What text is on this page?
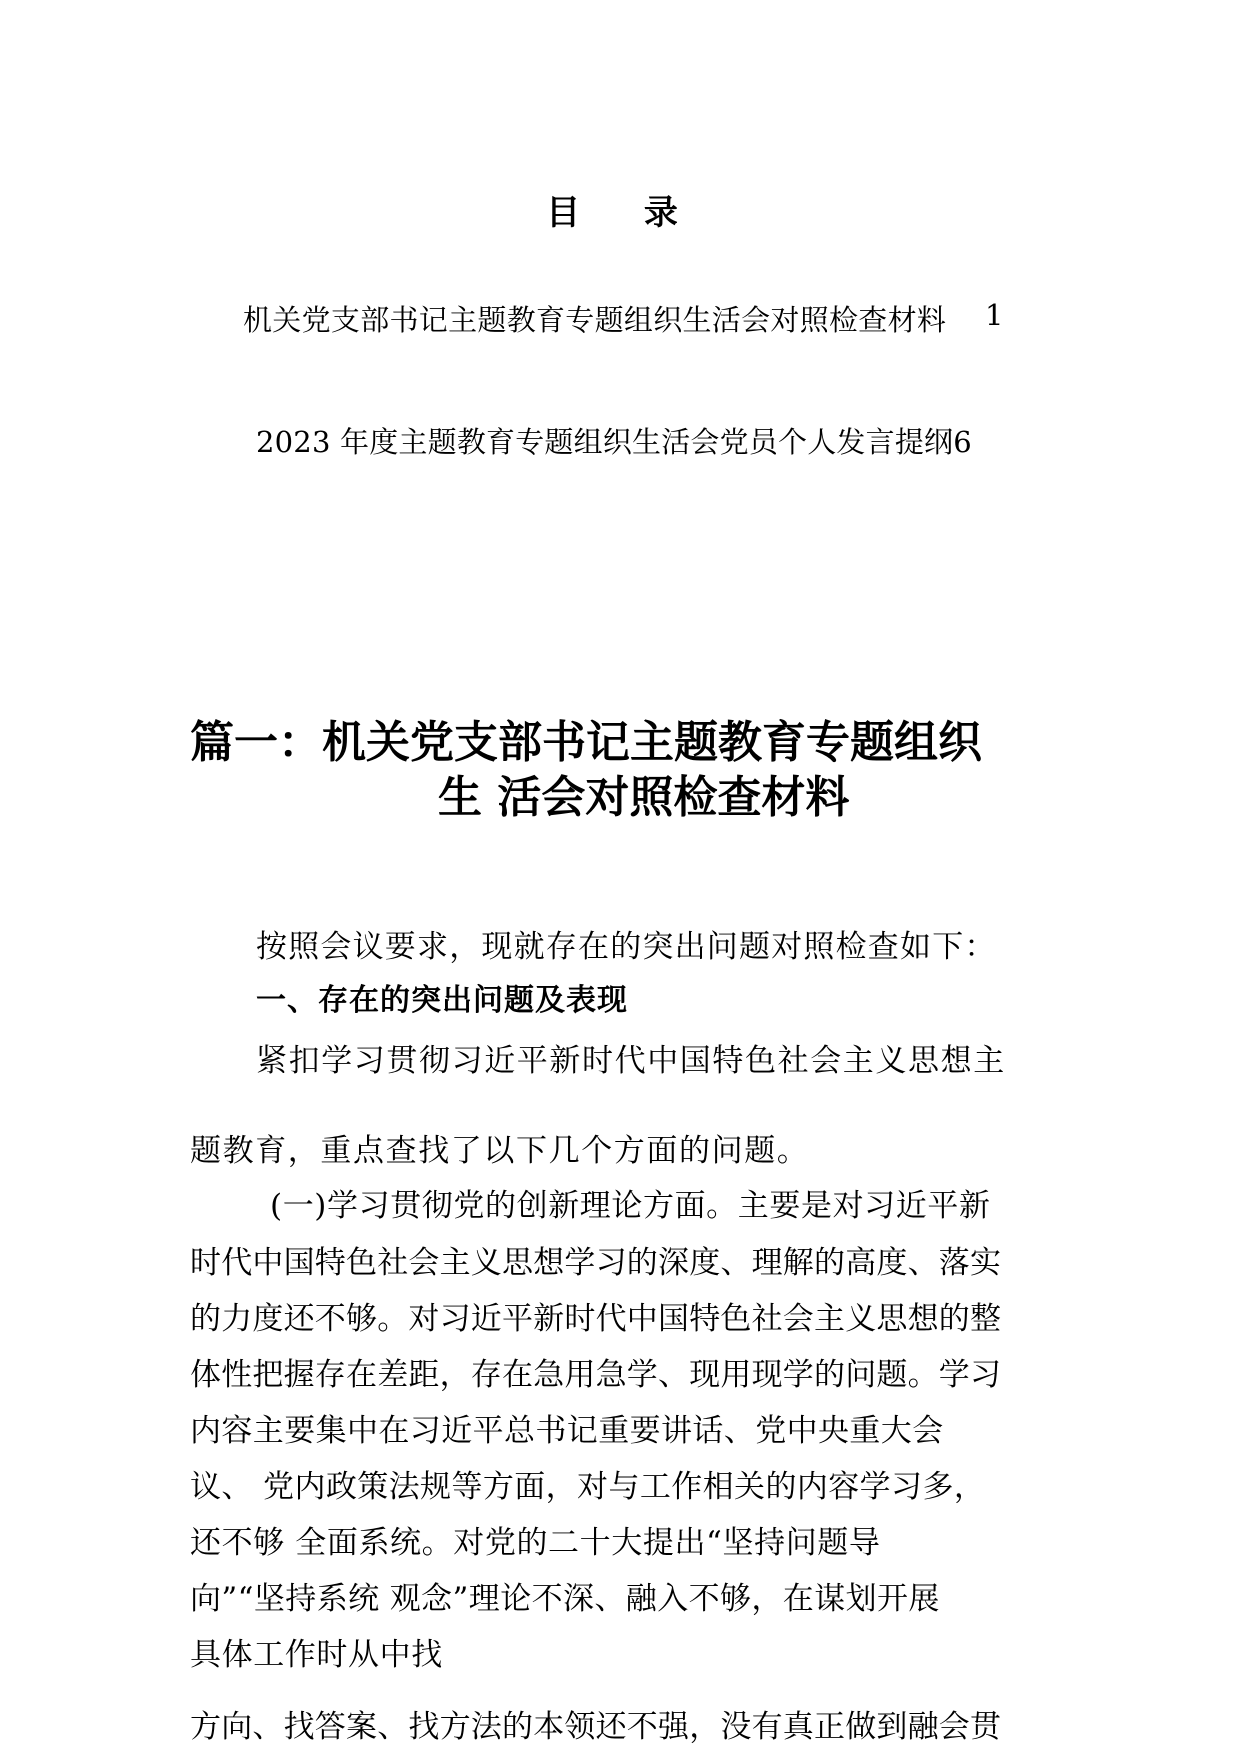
目 录
机关党支部书记主题教育专题组织生活会对照检查材料 1
2023 年度主题教育专题组织生活会党员个人发言提纲6
篇一：机关党支部书记主题教育专题组织
生 活会对照检查材料
按照会议要求，现就存在的突出问题对照检查如下：
一、存在的突出问题及表现
紧扣学习贯彻习近平新时代中国特色社会主义思想主
题教育，重点查找了以下几个方面的问题。
(一)学习贯彻党的创新理论方面。主要是对习近平新
时代中国特色社会主义思想学习的深度、理解的高度、落实
的力度还不够。对习近平新时代中国特色社会主义思想的整
体性把握存在差距，存在急用急学、现用现学的问题。学习
内容主要集中在习近平总书记重要讲话、党中央重大会
议、 党内政策法规等方面，对与工作相关的内容学习多，
还不够 全面系统。对党的二十大提出“坚持问题导
向”“坚持系统 观念”理论不深、融入不够，在谋划开展
具体工作时从中找
方向、找答案、找方法的本领还不强，没有真正做到融会贯
